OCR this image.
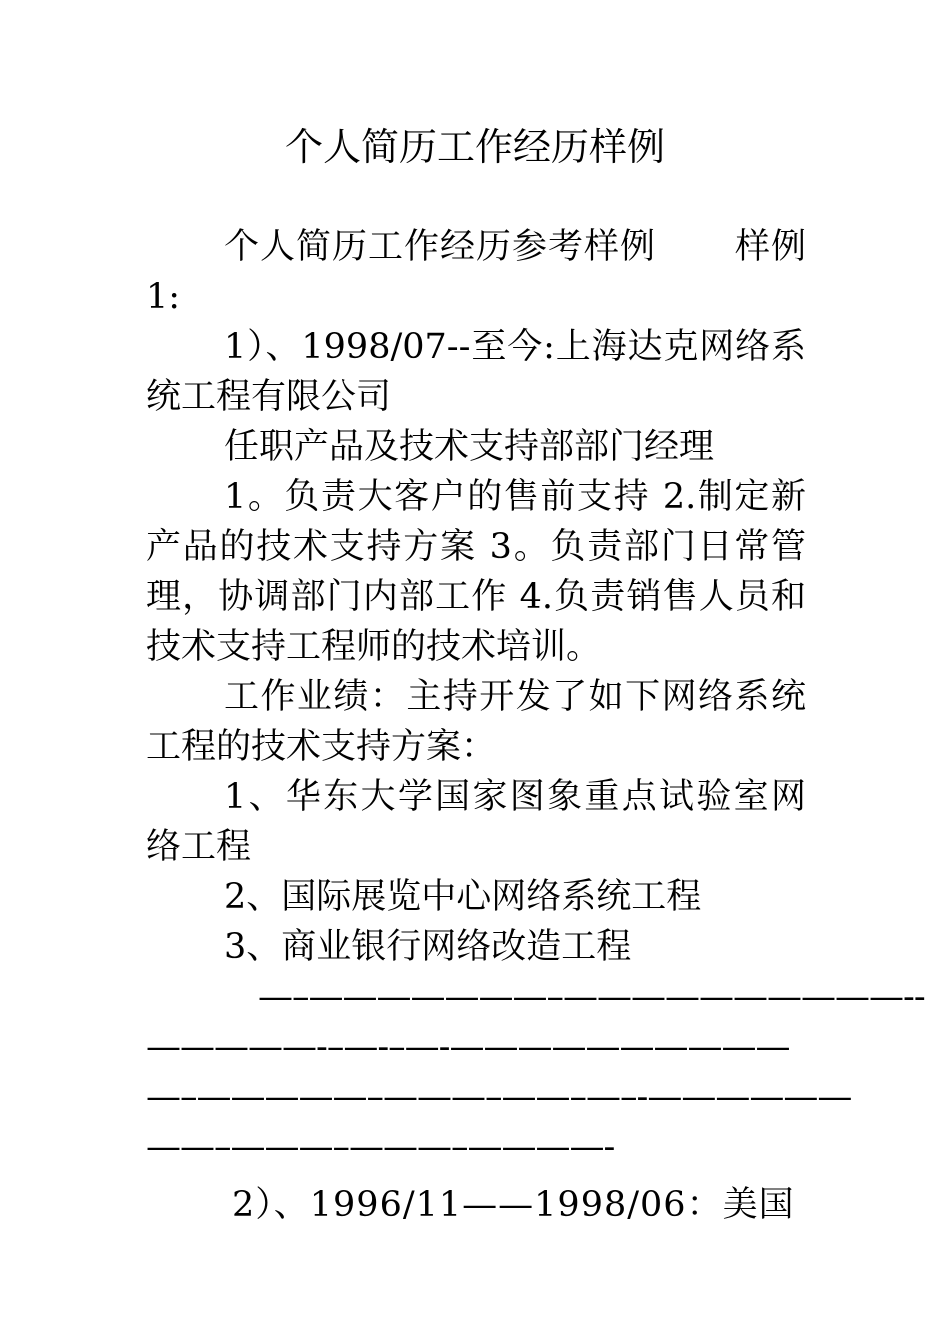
个人简历工作经历样例

个人简历工作经历参考样例 样例1:

1）、1998/07--至今:上海达克网络系统工程有限公司

任职产品及技术支持部部门经理

1。负责大客户的售前支持 2.制定新产品的技术支持方案 3。负责部门日常管理，协调部门内部工作 4.负责销售人员和技术支持工程师的技术培训。

工作业绩：主持开发了如下网络系统工程的技术支持方案：

1、华东大学国家图象重点试验室网络工程

2、国际展览中心网络系统工程

3、商业银行网络改造工程

—–———————–——————————--

—————-–—-–—-——————————

—–—————–———–——–—–-——————

——–———–———–————-

2）、1996/11——1998/06：美国
